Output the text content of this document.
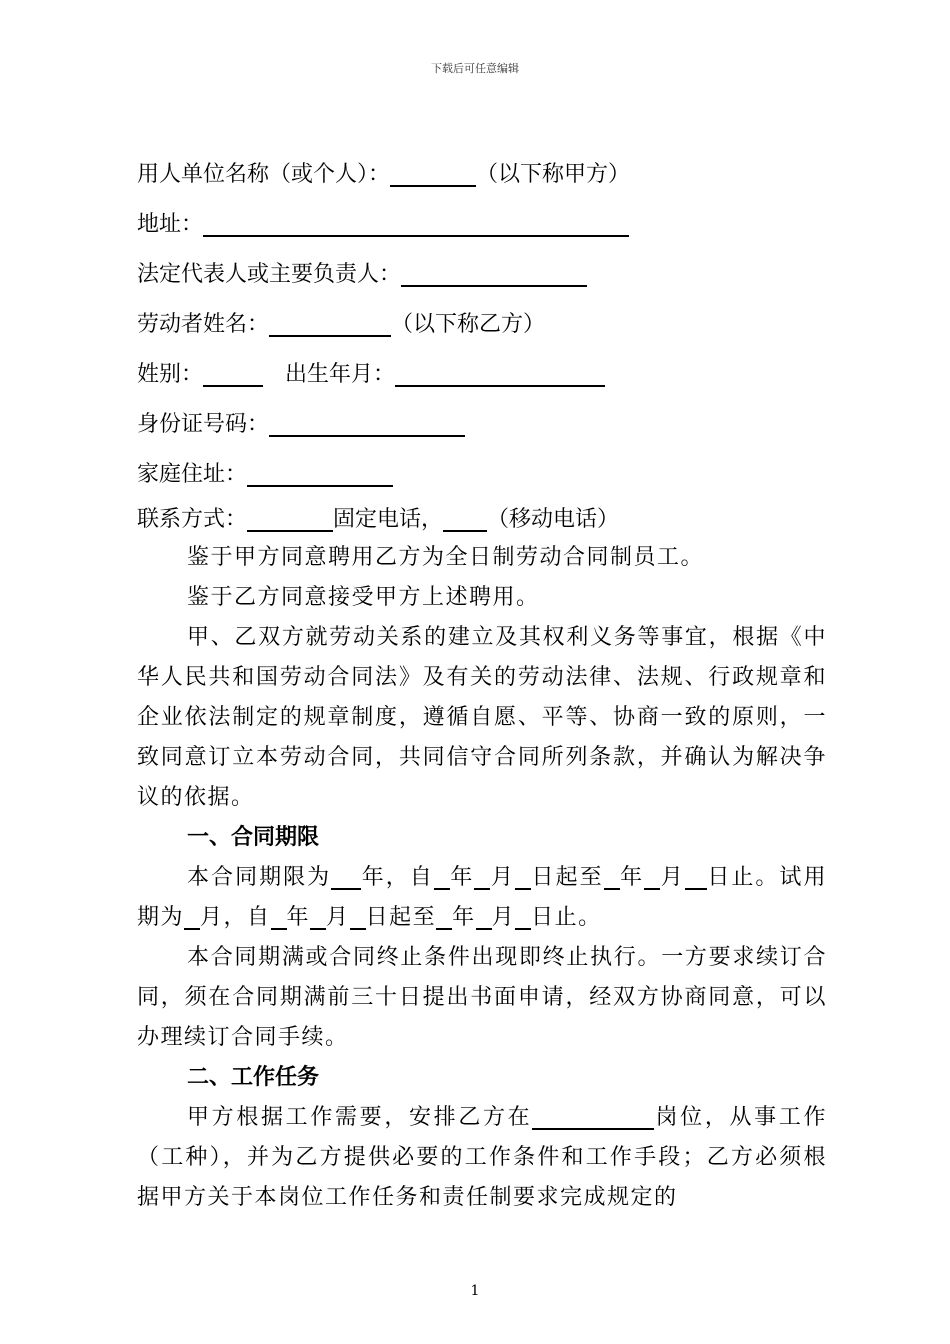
下载后可任意编辑
用人单位名称（或个人）：	（以下称甲方）
地址：
法定代表人或主要负责人：
劳动者姓名：	（以下称乙方）
姓别：	出生年月：
身份证号码：
家庭住址：
联系方式：	固定电话， （移动电话）
鉴于甲方同意聘用乙方为全日制劳动合同制员工。
鉴于乙方同意接受甲方上述聘用。
甲、乙双方就劳动关系的建立及其权利义务等事宜，根据《中华人民共和国劳动合同法》及有关的劳动法律、法规、行政规章和企业依法制定的规章制度，遵循自愿、平等、协商一致的原则，一致同意订立本劳动合同，共同信守合同所列条款，并确认为解决争议的依据。
一、合同期限
本合同期限为 年，自 年 月 日起至 年 月 日止。试用期为 月，自 年 月 日起至 年 月 日止。
本合同期满或合同终止条件出现即终止执行。一方要求续订合同，须在合同期满前三十日提出书面申请，经双方协商同意，可以办理续订合同手续。
二、工作任务
甲方根据工作需要，安排乙方在	岗位，从事工作（工种），并为乙方提供必要的工作条件和工作手段；乙方必须根据甲方关于本岗位工作任务和责任制要求完成规定的
1
